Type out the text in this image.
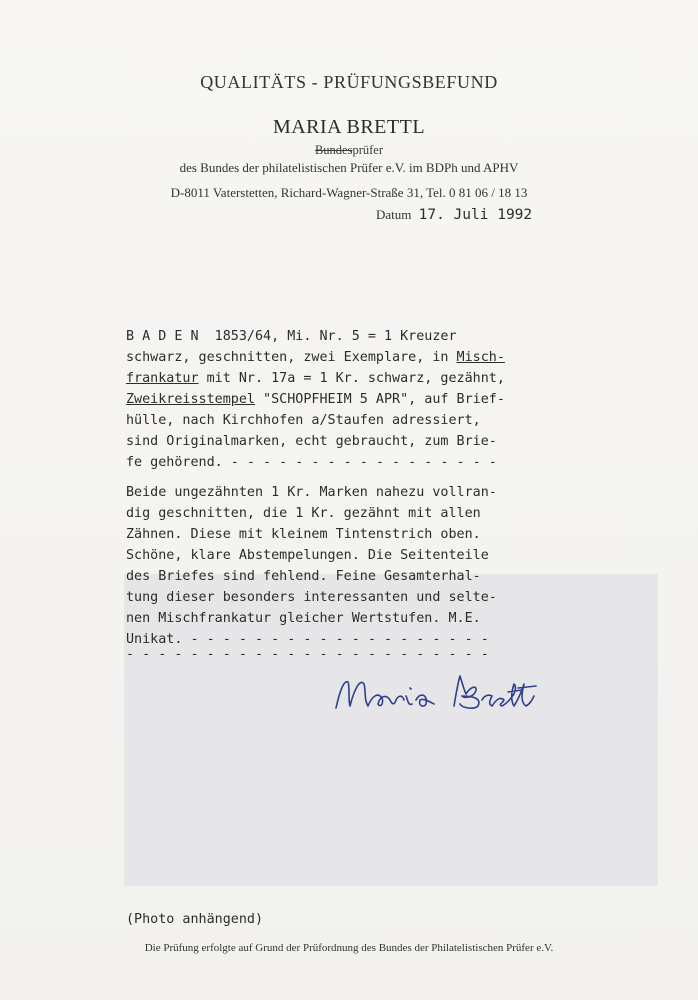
QUALITÄTS - PRÜFUNGSBEFUND
MARIA BRETTL
Bundesprüfer
des Bundes der philatelistischen Prüfer e.V. im BDPh und APHV
D-8011 Vaterstetten, Richard-Wagner-Straße 31, Tel. 0 81 06 / 18 13
Datum 17. Juli 1992
B A D E N  1853/64, Mi. Nr. 5 = 1 Kreuzer
schwarz, geschnitten, zwei Exemplare, in Misch-
frankatur mit Nr. 17a = 1 Kr. schwarz, gezähnt,
Zweikreisstempel "SCHOPFHEIM 5 APR", auf Brief-
hülle, nach Kirchhofen a/Staufen adressiert,
sind Originalmarken, echt gebraucht, zum Brie-
fe gehörend. - - - - - - - - - - - - - - - - -
Beide ungezähnten 1 Kr. Marken nahezu vollran-
dig geschnitten, die 1 Kr. gezähnt mit allen
Zähnen. Diese mit kleinem Tintenstrich oben.
Schöne, klare Abstempelungen. Die Seitenteile
des Briefes sind fehlend. Feine Gesamterhal-
tung dieser besonders interessanten und selte-
nen Mischfrankatur gleicher Wertstufen. M.E.
Unikat. - - - - - - - - - - - - - - - - - - -
- - - - - - - - - - - - - - - - - - - - - - -
(Photo anhängend)
Die Prüfung erfolgte auf Grund der Prüfordnung des Bundes der Philatelistischen Prüfer e.V.
